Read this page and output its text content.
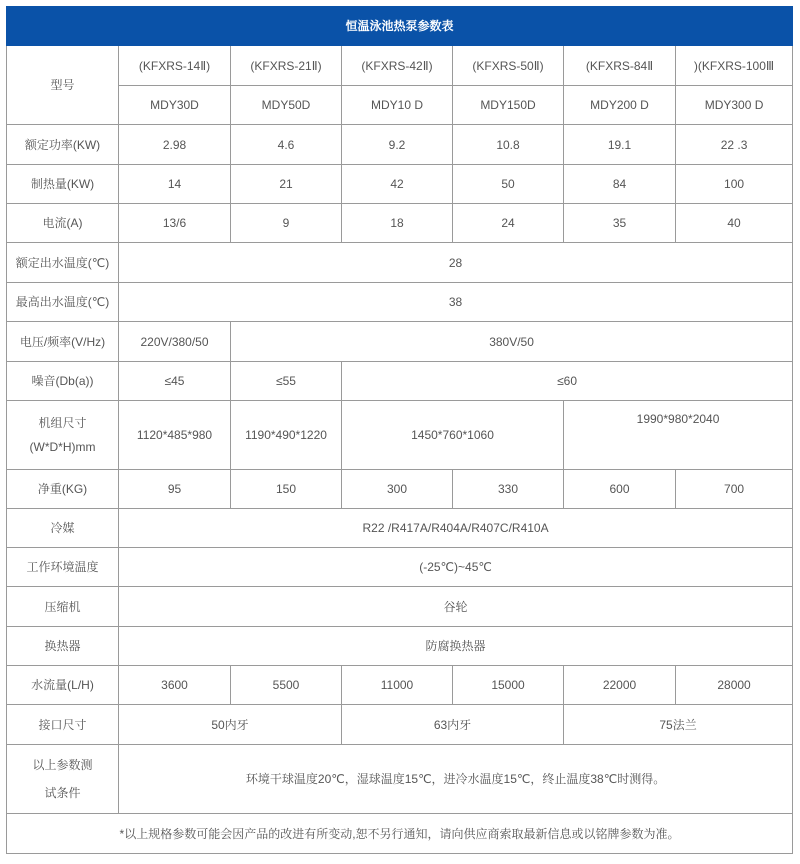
恒温泳池热泵参数表						
型号	(KFXRS-14Ⅱ)	(KFXRS-21Ⅱ)	(KFXRS-42Ⅱ)	(KFXRS-50Ⅱ)	(KFXRS-84Ⅱ	)(KFXRS-100Ⅲ
	MDY30D	MDY50D	MDY10 D	MDY150D	MDY200 D	MDY300 D
额定功率(KW)	2.98	4.6	9.2	10.8	19.1	22 .3
制热量(KW)	14	21	42	50	84	100
电流(A)	13/6	9	18	24	35	40
额定出水温度(℃)	28					
最高出水温度(℃)	38					
电压/频率(V/Hz)	220V/380/50	380V/50				
噪音(Db(a))	≤45	≤55	≤60			

机组尺寸
(W*D*H)mm	1120*485*980	1190*490*1220	1450*760*1060		1990*980*2040	
净重(KG)	95	150	300	330	600	700
冷媒	R22 /R417A/R404A/R407C/R410A					
工作环境温度	(-25℃)~45℃					
压缩机	谷轮					
换热器	防腐换热器					
水流量(L/H)	3600	5500	11000	15000	22000	28000
接口尺寸	50内牙		63内牙		75法兰	

以上参数测
试条件	环境干球温度20℃，湿球温度15℃，进冷水温度15℃，终止温度38℃时测得。					
*以上规格参数可能会因产品的改进有所变动,恕不另行通知，请向供应商索取最新信息或以铭牌参数为准。						
